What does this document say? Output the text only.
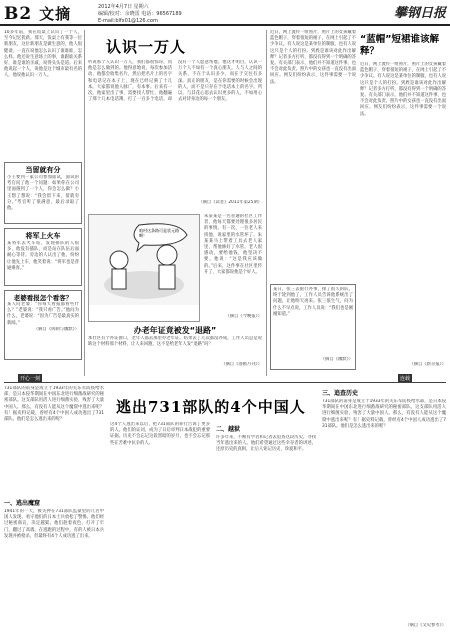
B2 文摘	2012年4月7日 星期六
编辑/校对：余晓雷 电话：96567189
E-mail:blfx01@126.com	攀钢日报
10多年前，我在饭桌上认识了一个人，至今记忆犹新。那天，饭桌上有我等一位新朋友，这位新朋友是做生意的，他人很健谈，一直在说他怎么认识了谁谁谁，怎么样。他还说生意场上的事，谁跟谁关系好，谁是谁的亲戚，说得头头是道。后来他说起一个人，说他是这个城市最有名的人，他说他认识一万人。
当留就有分
小王要到一家公司参加面试，面试的考官问了他一个问题：如果你在公司里面遇到了一个人，你会怎么做？小王想了想说：“我会留下来，留就有分。”考官听了很满意，最后录取了他。
将军上火车
某将军去火车站，发现排队的人很多，他没有插队，而是站在队伍后面耐心等待。旁边的人认出了他，纷纷让他先上车，他笑着说：“将军也是普通乘客。”
老婆看报怎个看客？
某人问老婆：“你每天看报都看些什么？”老婆说：“我只看广告。”他问为什么，老婆说：“因为广告是最真实的新闻。”
（摘自《讽刺与幽默》）
开心一刻
认识一万人
听说那个人认识一万人，我们都很惊讶，问他是怎么做到的。他得意地说，每次参加活动，他都会收集名片，然后把名片上的名字和电话记在本子上，现在已经记满了十几本。大家都说他人脉广，有本事。后来有一次，他家里出了事，需要找人帮忙，他翻遍了那十几本电话簿，打了一百多个电话，却没有一个人愿意帮他。他这才明白，认识一万个人不如有一个真心朋友。人与人之间的关系，不在于认识多少，而在于交往有多深。真正的朋友，是在你需要的时候会出现的人，而不是只存在于电话本上的名字。所以，与其花心思去认识更多的人，不如用心去对待身边的每一个朋友。
（摘自《读者》2011年第25期）
咱村这条路可是状元路啊！
办老年证竟被发“退路”
本社区有个办证窗口，老年人都去那里办老年证。结果去了几次都没办成，工作人员总是说缺这个材料那个材料，让人来回跑，这不是给老年人发“退路”吗？
（摘自《漫画月刊》）
朱某某是一名普通的社区工作者，他每天都要处理很多居民的事情。有一次，一位老人来找他，说家里的水管坏了。朱某某马上带着工具去老人家里，帮他修好了水管。老人很感动，要给他钱，他坚决不要。他说：“这是我应该做的。”后来，这件事在社区里传开了，大家都说他是个好人。
（摘自《今晚报》）
近日，网上流传一组照片，照片上的女孩戴着蓝色帽子，穿着很短的裙子，在网上引起了不少争议。有人说这是某单位的制服，也有人说这只是个人的打扮。到底是谁该对此作出解释？记者多方打听，都没有得到一个明确的答复。有关部门表示，他们并不知道这件事，也不会对此负责。照片中的女孩也一直没有出面回应。网友们纷纷表示，这件事需要一个说法。
“蓝帽”短裙谁该解释？
近日，网上流传一组照片，照片上的女孩戴着蓝色帽子，穿着很短的裙子，在网上引起了不少争议。有人说这是某单位的制服，也有人说这只是个人的打扮。到底是谁该对此作出解释？记者多方打听，都没有得到一个明确的答复。有关部门表示，他们并不知道这件事，也不会对此负责。照片中的女孩也一直没有出面回应。网友们纷纷表示，这件事需要一个说法。
（摘自《新京报》）
某日，张三去银行办事，排了很久的队，终于轮到他了，工作人员告诉他系统出了问题，让他明天再来。张三很生气，问为什么不早点说，工作人员说：“我们也是刚刚知道。”
（摘自《幽默》）
连载
逃出731部队的4个中国人
731部队的前身是成立于1933年的关东军防疫给水部，是日本侵华期间在中国东北进行细菌战研究的秘密部队。这支部队用活人进行细菌实验，残害了大量中国人。那么，有没有人能从这个魔窟中逃出来呢？有！据史料记载，曾经有4个中国人成功逃出了731部队。他们是怎么逃出来的呢？
一、逃出魔窟
1941年的一天，被关押在731部队监狱里的几名中国人发现，看守他们的日本士兵放松了警惕。他们经过秘密商议，决定越狱。他们趁着夜色，打开了牢门，翻过了高墙。在逃跑的过程中，有的人被日本兵发现并被枪杀，但最终有4个人成功逃了出来。
这4个人逃出来以后，把731部队的罪行告诉了更多的人。他们的证词，成为了日后审判日本战犯的重要证据。历史不会忘记这段黑暗的岁月，也不会忘记那些在苦难中抗争的人。
二、越狱
许多年来，不断有学者和记者去追查这段历史，寻找当年逃出来的人。他们希望通过这些幸存者的讲述，还原历史的真相，让后人铭记历史，珍爱和平。
三、追查历史
731部队的前身是成立于1933年的关东军防疫给水部，是日本侵华期间在中国东北进行细菌战研究的秘密部队。这支部队用活人进行细菌实验，残害了大量中国人。那么，有没有人能从这个魔窟中逃出来呢？有！据史料记载，曾经有4个中国人成功逃出了731部队。他们是怎么逃出来的呢？
（摘自《文史参考》）
